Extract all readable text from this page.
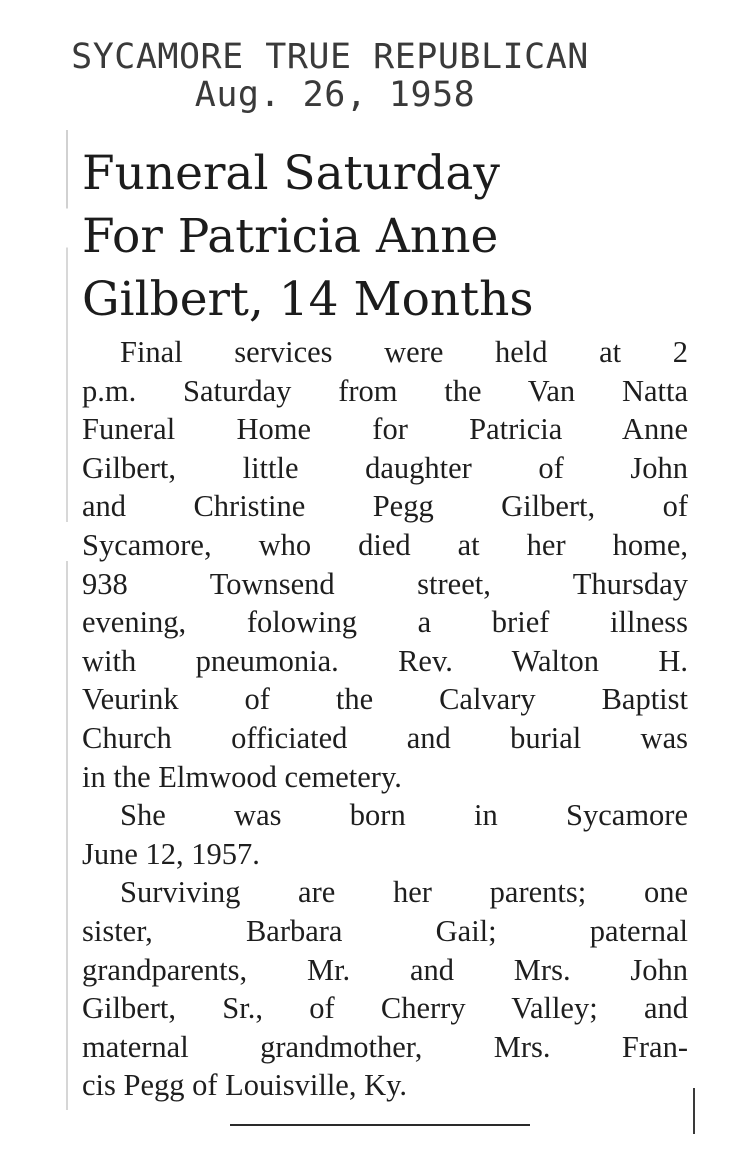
SYCAMORE TRUE REPUBLICAN
Aug. 26, 1958
Funeral Saturday
For Patricia Anne
Gilbert, 14 Months
Final services were held at 2
p.m. Saturday from the Van Natta
Funeral Home for Patricia Anne
Gilbert, little daughter of John
and Christine Pegg Gilbert, of
Sycamore, who died at her home,
938 Townsend street, Thursday
evening, folowing a brief illness
with pneumonia. Rev. Walton H.
Veurink of the Calvary Baptist
Church officiated and burial was
in the Elmwood cemetery.
She was born in Sycamore
June 12, 1957.
Surviving are her parents; one
sister, Barbara Gail; paternal
grandparents, Mr. and Mrs. John
Gilbert, Sr., of Cherry Valley; and
maternal grandmother, Mrs. Fran-
cis Pegg of Louisville, Ky.
